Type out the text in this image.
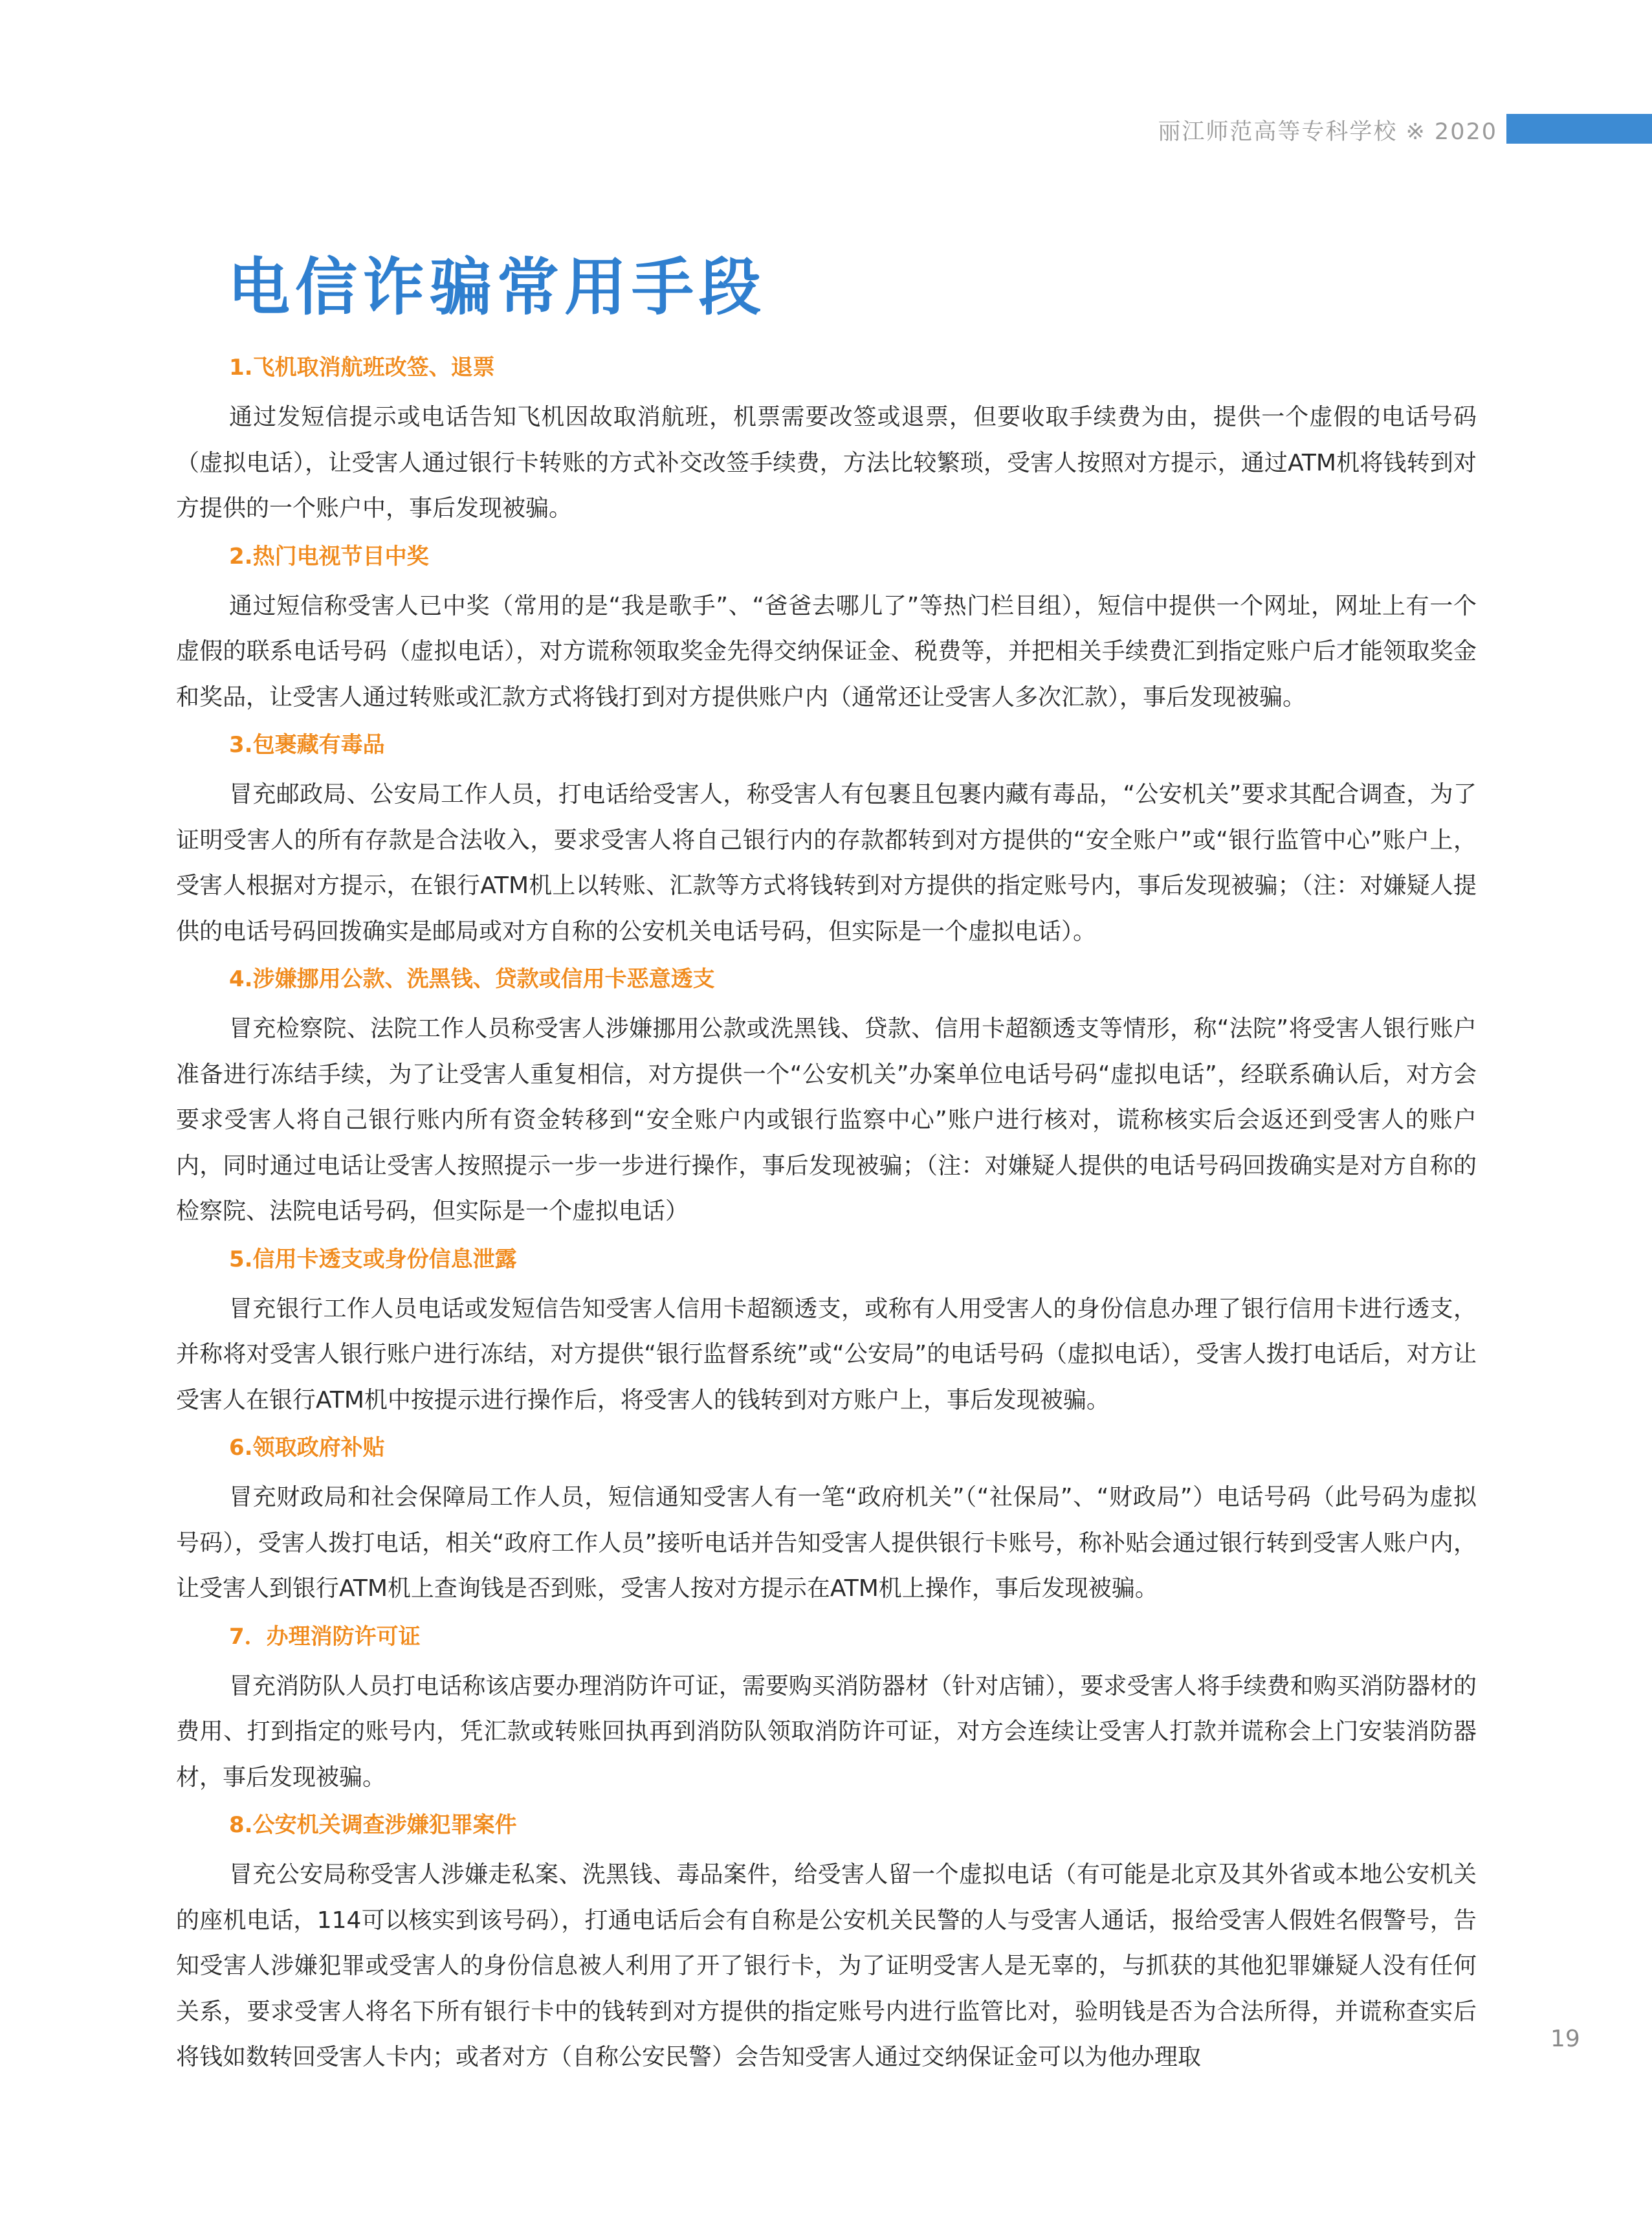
丽江师范高等专科学校 ※ 2020
电信诈骗常用手段
1.飞机取消航班改签、退票

通过发短信提示或电话告知飞机因故取消航班，机票需要改签或退票，但要收取手续费为由，提供一个虚假的电话号码（虚拟电话），让受害人通过银行卡转账的方式补交改签手续费，方法比较繁琐，受害人按照对方提示，通过ATM机将钱转到对方提供的一个账户中，事后发现被骗。

2.热门电视节目中奖

通过短信称受害人已中奖（常用的是“我是歌手”、“爸爸去哪儿了”等热门栏目组），短信中提供一个网址，网址上有一个虚假的联系电话号码（虚拟电话），对方谎称领取奖金先得交纳保证金、税费等，并把相关手续费汇到指定账户后才能领取奖金和奖品，让受害人通过转账或汇款方式将钱打到对方提供账户内（通常还让受害人多次汇款），事后发现被骗。

3.包裹藏有毒品

冒充邮政局、公安局工作人员，打电话给受害人，称受害人有包裹且包裹内藏有毒品，“公安机关”要求其配合调查，为了证明受害人的所有存款是合法收入，要求受害人将自己银行内的存款都转到对方提供的“安全账户”或“银行监管中心”账户上，受害人根据对方提示，在银行ATM机上以转账、汇款等方式将钱转到对方提供的指定账号内，事后发现被骗；（注：对嫌疑人提供的电话号码回拨确实是邮局或对方自称的公安机关电话号码，但实际是一个虚拟电话）。

4.涉嫌挪用公款、洗黑钱、贷款或信用卡恶意透支

冒充检察院、法院工作人员称受害人涉嫌挪用公款或洗黑钱、贷款、信用卡超额透支等情形，称“法院”将受害人银行账户准备进行冻结手续，为了让受害人重复相信，对方提供一个“公安机关”办案单位电话号码“虚拟电话”，经联系确认后，对方会要求受害人将自己银行账内所有资金转移到“安全账户内或银行监察中心”账户进行核对，谎称核实后会返还到受害人的账户内，同时通过电话让受害人按照提示一步一步进行操作，事后发现被骗；（注：对嫌疑人提供的电话号码回拨确实是对方自称的检察院、法院电话号码，但实际是一个虚拟电话）

5.信用卡透支或身份信息泄露

冒充银行工作人员电话或发短信告知受害人信用卡超额透支，或称有人用受害人的身份信息办理了银行信用卡进行透支，并称将对受害人银行账户进行冻结，对方提供“银行监督系统”或“公安局”的电话号码（虚拟电话），受害人拨打电话后，对方让受害人在银行ATM机中按提示进行操作后，将受害人的钱转到对方账户上，事后发现被骗。

6.领取政府补贴

冒充财政局和社会保障局工作人员，短信通知受害人有一笔“政府机关”（“社保局”、“财政局”）电话号码（此号码为虚拟号码），受害人拨打电话，相关“政府工作人员”接听电话并告知受害人提供银行卡账号，称补贴会通过银行转到受害人账户内，让受害人到银行ATM机上查询钱是否到账，受害人按对方提示在ATM机上操作，事后发现被骗。

7．办理消防许可证

冒充消防队人员打电话称该店要办理消防许可证，需要购买消防器材（针对店铺），要求受害人将手续费和购买消防器材的费用、打到指定的账号内，凭汇款或转账回执再到消防队领取消防许可证，对方会连续让受害人打款并谎称会上门安装消防器材，事后发现被骗。

8.公安机关调查涉嫌犯罪案件

冒充公安局称受害人涉嫌走私案、洗黑钱、毒品案件，给受害人留一个虚拟电话（有可能是北京及其外省或本地公安机关的座机电话，114可以核实到该号码），打通电话后会有自称是公安机关民警的人与受害人通话，报给受害人假姓名假警号，告知受害人涉嫌犯罪或受害人的身份信息被人利用了开了银行卡，为了证明受害人是无辜的，与抓获的其他犯罪嫌疑人没有任何关系，要求受害人将名下所有银行卡中的钱转到对方提供的指定账号内进行监管比对，验明钱是否为合法所得，并谎称查实后将钱如数转回受害人卡内；或者对方（自称公安民警）会告知受害人通过交纳保证金可以为他办理取

19
